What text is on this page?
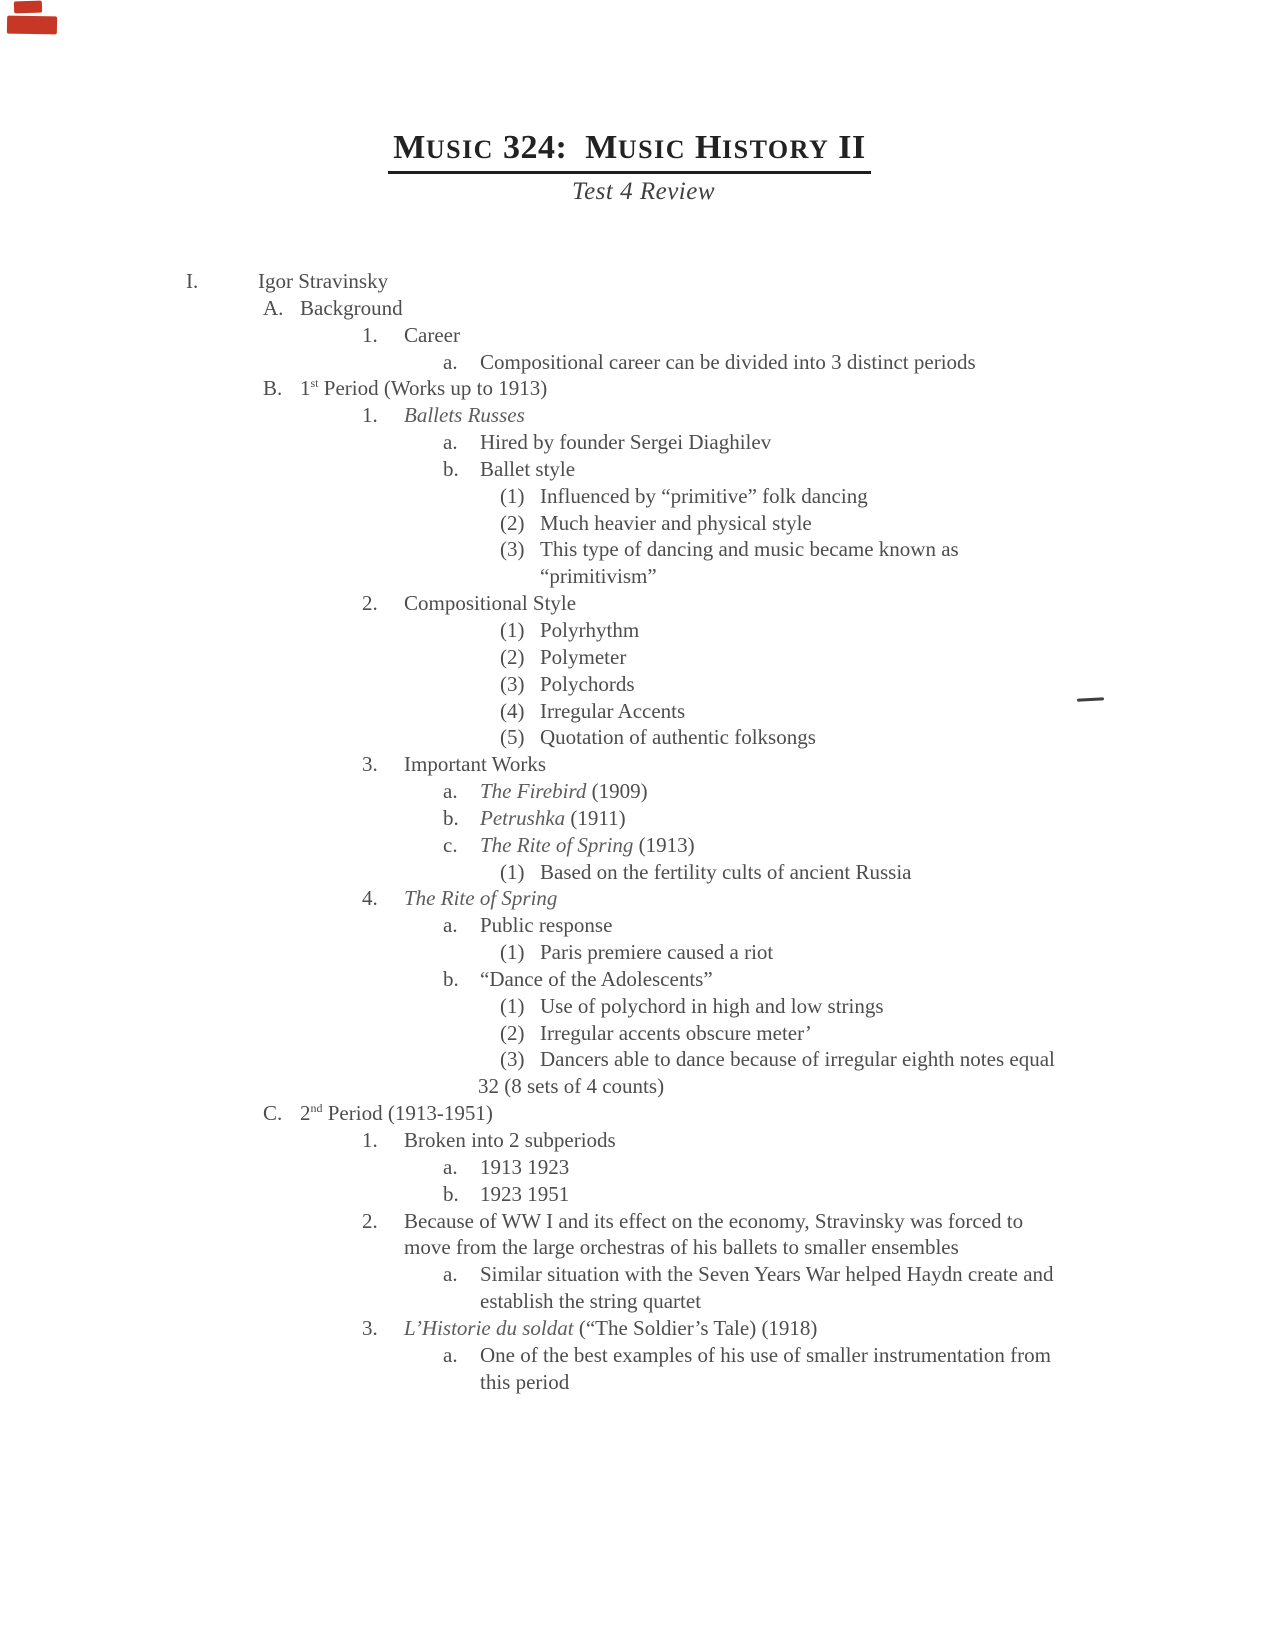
MUSIC 324:  MUSIC HISTORY II
Test 4 Review
I.	Igor Stravinsky
A. Background
1.	Career
a.	Compositional career can be divided into 3 distinct periods
B. 1st Period (Works up to 1913)
1.	Ballets Russes
a.	Hired by founder Sergei Diaghilev
b.	Ballet style
(1) Influenced by “primitive” folk dancing
(2) Much heavier and physical style
(3) This type of dancing and music became known as
“primitivism”
2.	Compositional Style
(1) Polyrhythm
(2) Polymeter
(3) Polychords
(4) Irregular Accents
(5) Quotation of authentic folksongs
3.	Important Works
a.	The Firebird (1909)
b.	Petrushka (1911)
c.	The Rite of Spring (1913)
(1) Based on the fertility cults of ancient Russia
4.	The Rite of Spring
a.	Public response
(1) Paris premiere caused a riot
b.	“Dance of the Adolescents”
(1) Use of polychord in high and low strings
(2) Irregular accents obscure meter’
(3) Dancers able to dance because of irregular eighth notes equal
32 (8 sets of 4 counts)
C. 2nd Period (1913-1951)
1.	Broken into 2 subperiods
a.	1913 1923
b.	1923 1951
2.	Because of WW I and its effect on the economy, Stravinsky was forced to
move from the large orchestras of his ballets to smaller ensembles
a.	Similar situation with the Seven Years War helped Haydn create and
establish the string quartet
3.	L’Historie du soldat (“The Soldier’s Tale) (1918)
a.	One of the best examples of his use of smaller instrumentation from
this period
